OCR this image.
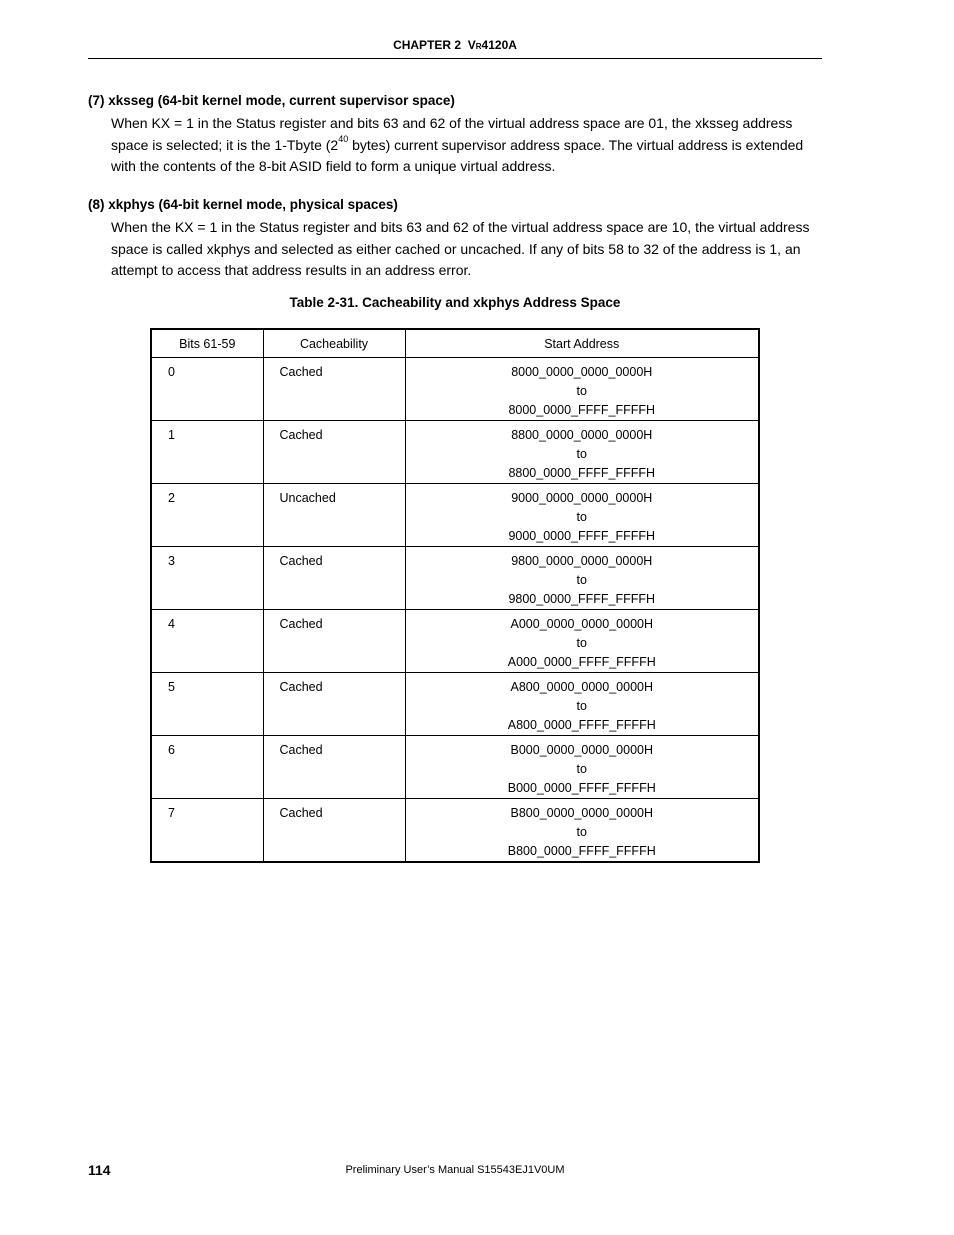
CHAPTER 2 VR4120A
(7) xksseg (64-bit kernel mode, current supervisor space)
When KX = 1 in the Status register and bits 63 and 62 of the virtual address space are 01, the xksseg address
space is selected; it is the 1-Tbyte ($2^{40}$ bytes) current supervisor address space. The virtual address is extended
with the contents of the 8-bit ASID field to form a unique virtual address.
(8) xkphys (64-bit kernel mode, physical spaces)
When the KX = 1 in the Status register and bits 63 and 62 of the virtual address space are 10, the virtual address
space is called xkphys and selected as either cached or uncached. If any of bits 58 to 32 of the address is 1, an
attempt to access that address results in an address error.
Table 2-31. Cacheability and xkphys Address Space
Bits 61-59	Cacheability	Start Address
0	Cached	8000_0000_0000_0000H
to
8000_0000_FFFF_FFFFH

1	Cached	8800_0000_0000_0000H
to
8800_0000_FFFF_FFFFH

2	Uncached	9000_0000_0000_0000H
to
9000_0000_FFFF_FFFFH

3	Cached	9800_0000_0000_0000H
to
9800_0000_FFFF_FFFFH

4	Cached	A000_0000_0000_0000H
to
A000_0000_FFFF_FFFFH

5	Cached	A800_0000_0000_0000H
to
A800_0000_FFFF_FFFFH

6	Cached	B000_0000_0000_0000H
to
B000_0000_FFFF_FFFFH

7	Cached	B800_0000_0000_0000H
to
B800_0000_FFFF_FFFFH
114	Preliminary User’s Manual S15543EJ1V0UM
